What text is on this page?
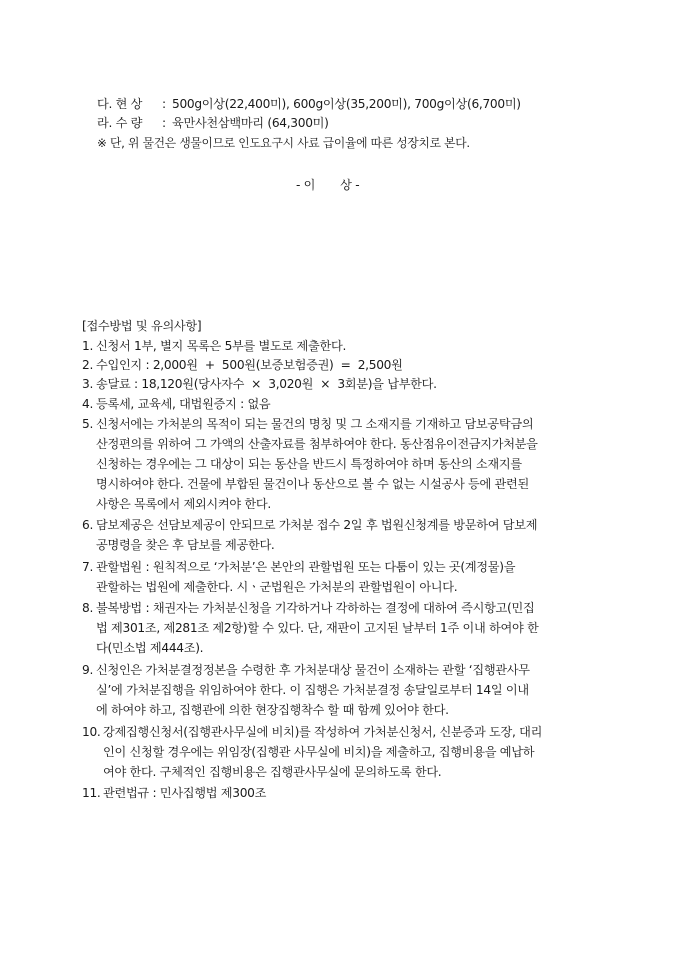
다. 현 상 : 500g이상(22,400미), 600g이상(35,200미), 700g이상(6,700미)
라. 수 량 : 육만사천삼백마리 (64,300미)
※ 단, 위 물건은 생물이므로 인도요구시 사료 급이율에 따른 성장치로 본다.
- 이       상 -
[접수방법 및 유의사항]
1. 신청서 1부, 별지 목록은 5부를 별도로 제출한다.
2. 수입인지 : 2,000원  +  500원(보증보험증권)  =  2,500원
3. 송달료 : 18,120원(당사자수  ×  3,020원  ×  3회분)을 납부한다.
4. 등록세, 교육세, 대법원증지 : 없음
5. 신청서에는 가처분의 목적이 되는 물건의 명칭 및 그 소재지를 기재하고 담보공탁금의
산정편의를 위하여 그 가액의 산출자료를 첨부하여야 한다. 동산점유이전금지가처분을
신청하는 경우에는 그 대상이 되는 동산을 반드시 특정하여야 하며 동산의 소재지를
명시하여야 한다. 건물에 부합된 물건이나 동산으로 볼 수 없는 시설공사 등에 관련된
사항은 목록에서 제외시켜야 한다.
6. 담보제공은 선담보제공이 안되므로 가처분 접수 2일 후 법원신청계를 방문하여 담보제
공명령을 찾은 후 담보를 제공한다.
7. 관할법원 : 원칙적으로 ‘가처분’은 본안의 관할법원 또는 다툼이 있는 곳(계정물)을
관할하는 법원에 제출한다. 시ㆍ군법원은 가처분의 관할법원이 아니다.
8. 불복방법 : 채권자는 가처분신청을 기각하거나 각하하는 결정에 대하여 즉시항고(민집
법 제301조, 제281조 제2항)할 수 있다. 단, 재판이 고지된 날부터 1주 이내 하여야 한
다(민소법 제444조).
9. 신청인은 가처분결정정본을 수령한 후 가처분대상 물건이 소재하는 관할 ‘집행관사무
실’에 가처분집행을 위임하여야 한다. 이 집행은 가처분결정 송달일로부터 14일 이내
에 하여야 하고, 집행관에 의한 현장집행착수 할 때 함께 있어야 한다.
10. 강제집행신청서(집행관사무실에 비치)를 작성하여 가처분신청서, 신분증과 도장, 대리
인이 신청할 경우에는 위임장(집행관 사무실에 비치)을 제출하고, 집행비용을 예납하
여야 한다. 구체적인 집행비용은 집행관사무실에 문의하도록 한다.
11. 관련법규 : 민사집행법 제300조
